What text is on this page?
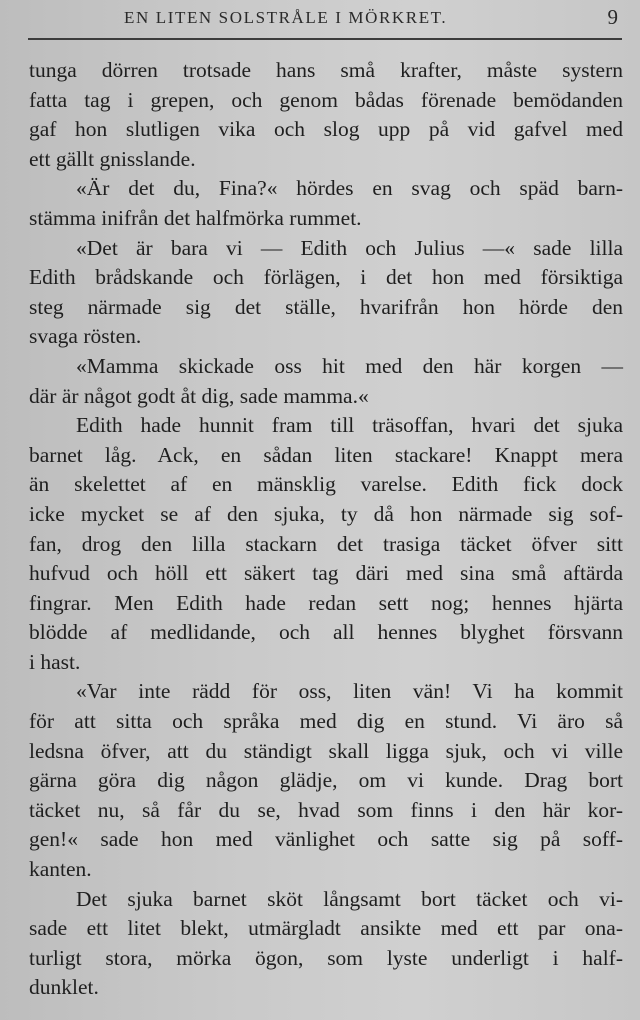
EN LITEN SOLSTRÅLE I MÖRKRET.	9
tunga dörren trotsade hans små krafter, måste systern
fatta tag i grepen, och genom bådas förenade bemödanden
gaf hon slutligen vika och slog upp på vid gafvel med
ett gällt gnisslande.
«Är det du, Fina?« hördes en svag och späd barn-
stämma inifrån det halfmörka rummet.
«Det är bara vi — Edith och Julius —« sade lilla
Edith brådskande och förlägen, i det hon med försiktiga
steg närmade sig det ställe, hvarifrån hon hörde den
svaga rösten.
«Mamma skickade oss hit med den här korgen —
där är något godt åt dig, sade mamma.«
Edith hade hunnit fram till träsoffan, hvari det sjuka
barnet låg. Ack, en sådan liten stackare! Knappt mera
än skelettet af en mänsklig varelse. Edith fick dock
icke mycket se af den sjuka, ty då hon närmade sig sof-
fan, drog den lilla stackarn det trasiga täcket öfver sitt
hufvud och höll ett säkert tag däri med sina små aftärda
fingrar. Men Edith hade redan sett nog; hennes hjärta
blödde af medlidande, och all hennes blyghet försvann
i hast.
«Var inte rädd för oss, liten vän! Vi ha kommit
för att sitta och språka med dig en stund. Vi äro så
ledsna öfver, att du ständigt skall ligga sjuk, och vi ville
gärna göra dig någon glädje, om vi kunde. Drag bort
täcket nu, så får du se, hvad som finns i den här kor-
gen!« sade hon med vänlighet och satte sig på soff-
kanten.
Det sjuka barnet sköt långsamt bort täcket och vi-
sade ett litet blekt, utmärgladt ansikte med ett par ona-
turligt stora, mörka ögon, som lyste underligt i half-
dunklet.
